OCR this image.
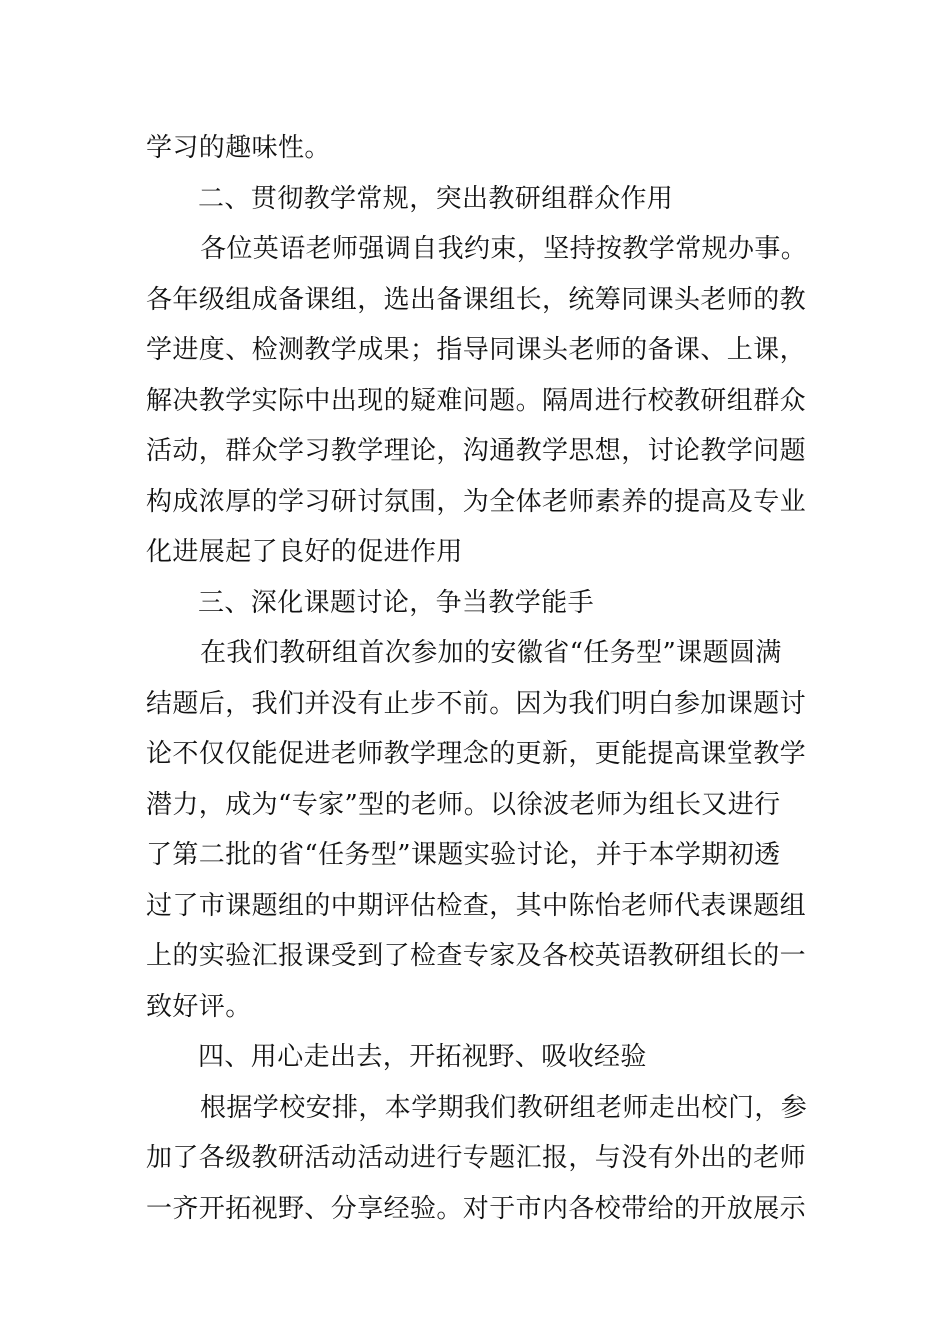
学习的趣味性。
二、贯彻教学常规，突出教研组群众作用
各位英语老师强调自我约束，坚持按教学常规办事。
各年级组成备课组，选出备课组长，统筹同课头老师的教
学进度、检测教学成果；指导同课头老师的备课、上课，
解决教学实际中出现的疑难问题。隔周进行校教研组群众
活动，群众学习教学理论，沟通教学思想，讨论教学问题
构成浓厚的学习研讨氛围，为全体老师素养的提高及专业
化进展起了良好的促进作用
三、深化课题讨论，争当教学能手
在我们教研组首次参加的安徽省“任务型”课题圆满
结题后，我们并没有止步不前。因为我们明白参加课题讨
论不仅仅能促进老师教学理念的更新，更能提高课堂教学
潜力，成为“专家”型的老师。以徐波老师为组长又进行
了第二批的省“任务型”课题实验讨论，并于本学期初透
过了市课题组的中期评估检查，其中陈怡老师代表课题组
上的实验汇报课受到了检查专家及各校英语教研组长的一
致好评。
四、用心走出去，开拓视野、吸收经验
根据学校安排，本学期我们教研组老师走出校门，参
加了各级教研活动活动进行专题汇报，与没有外出的老师
一齐开拓视野、分享经验。对于市内各校带给的开放展示
